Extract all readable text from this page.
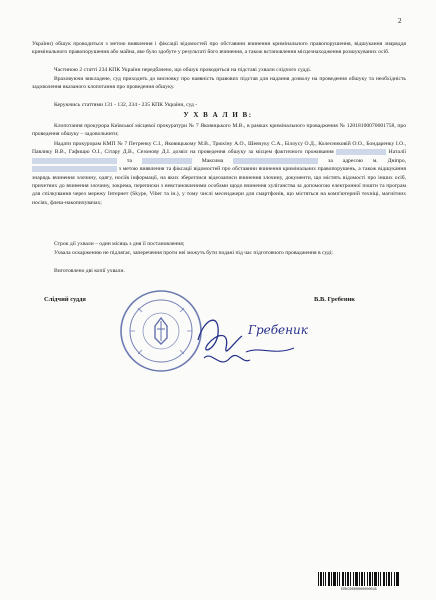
2

України) обшук проводиться з метою виявлення і фіксації відомостей про обставини вчинення кримінального правопорушення, відшукання знаряддя кримінального правопорушення або майна, яке було здобуте у результаті його вчинення, а також встановлення місцезнаходження розшукуваних осіб.

Частиною 2 статті 234 КПК України передбачено, що обшук проводиться на підставі ухвали слідчого судді.

Враховуючи викладене, суд приходить до висновку про наявність правових підстав для надання дозволу на проведення обшуку та необхідність задоволення вказаного клопотання про проведення обшуку.

Керуючись статтями 131 - 132, 234 - 235 КПК України, суд -

У Х В А Л И В:

Клопотання прокурора Київської місцевої прокуратури № 7 Яковицького М.В., в рамках кримінального провадження № 12018100070001758, про проведення обшуку – задовольнити;

Надати прокурорам КМП № 7 Петренку С.І., Яковицькому М.В., Трюхіну А.О., Шевчуку С.А., Білоусу О.Д., Колесниковій О.О., Бондаренку І.О., Павлику В.В., Гафищю О.І., Сітару Д.В., Сезонову Д.І. дозвіл на проведення обшуку за місцем фактичного проживання	Наталії  та	Максима	за адресою м. Дніпро,  з метою виявлення та фіксації відомостей про обставини вчинення кримінальних правопорушень, а також відшукання знарядь вчинення злочину, одягу, носіїв інформації, на яких збереглися відеозаписи вчинення злочину, документи, що містять відомості про інших осіб, причетних до вчинення злочину, зокрема, переписки з невстановленими особами щодо вчинення хуліганства за допомогою електронної пошти та програм для спілкування через мережу Інтернет (Skype, Viber та ін.), у тому числі месенджери для смартфонів, що містяться на комп'ютерній техніці, магнітних носіях, флеш-накопичувачах;

Строк дії ухвали – один місяць з дня її постановлення;

Ухвала оскарженню не підлягає, заперечення проти неї можуть бути подані під час підготовчого провадження в суді;

Виготовлено дві копії ухвали.

Слідчий суддя	В.В. Гребеник
Гребеник
ЕПКС0000000000045
